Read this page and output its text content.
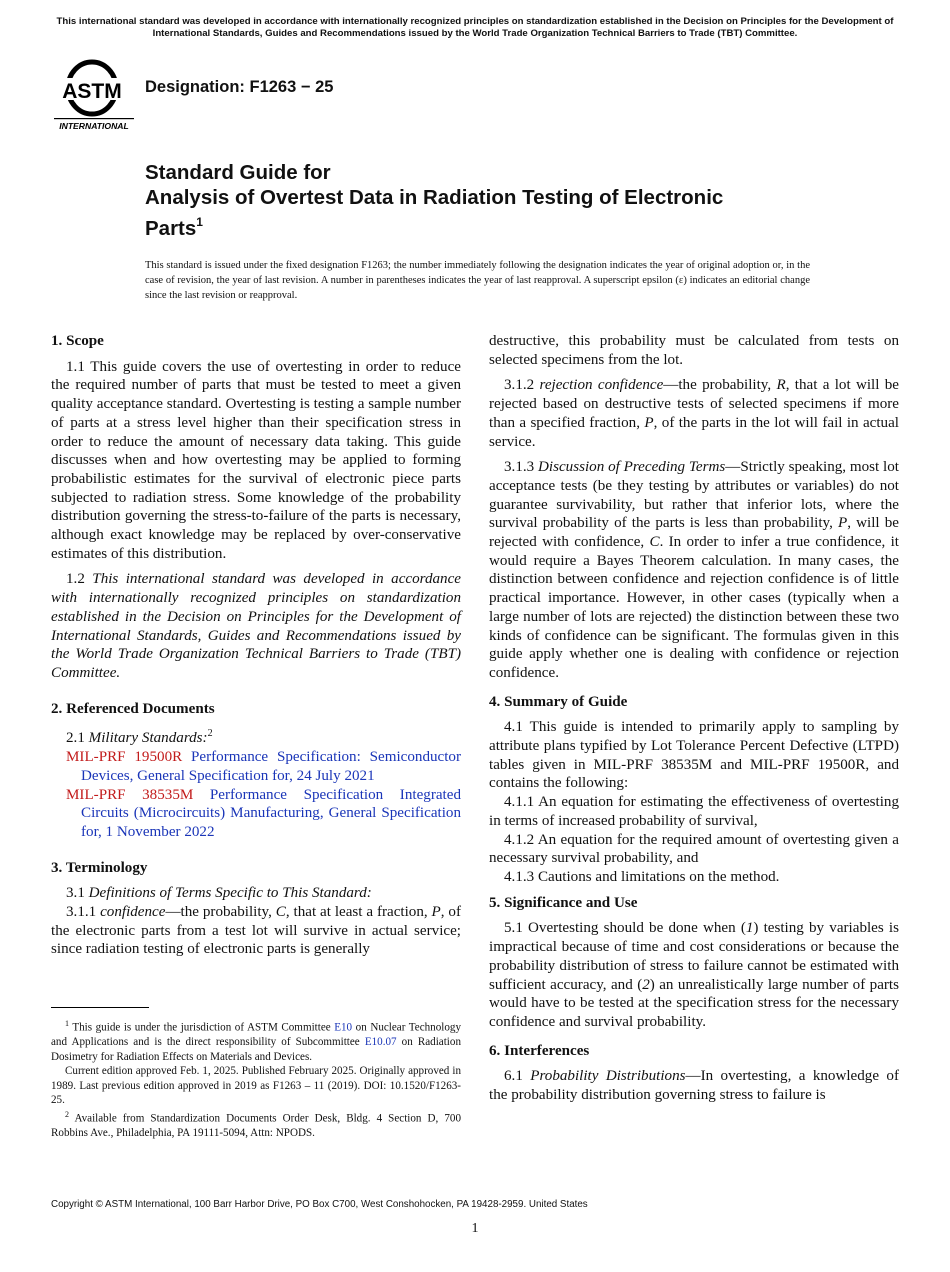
This international standard was developed in accordance with internationally recognized principles on standardization established in the Decision on Principles for the Development of International Standards, Guides and Recommendations issued by the World Trade Organization Technical Barriers to Trade (TBT) Committee.
ASTM
INTERNATIONAL
Designation: F1263 − 25
Standard Guide for
Analysis of Overtest Data in Radiation Testing of Electronic
Parts$^1$
This standard is issued under the fixed designation F1263; the number immediately following the designation indicates the year of original adoption or, in the case of revision, the year of last revision. A number in parentheses indicates the year of last reapproval. A superscript epsilon (ε) indicates an editorial change since the last revision or reapproval.
1. Scope

1.1 This guide covers the use of overtesting in order to reduce the required number of parts that must be tested to meet a given quality acceptance standard. Overtesting is testing a sample number of parts at a stress level higher than their specification stress in order to reduce the amount of necessary data taking. This guide discusses when and how overtesting may be applied to forming probabilistic estimates for the survival of electronic piece parts subjected to radiation stress. Some knowledge of the probability distribution governing the stress-to-failure of the parts is necessary, although exact knowledge may be replaced by over-conservative estimates of this distribution.

1.2 This international standard was developed in accordance with internationally recognized principles on standardization established in the Decision on Principles for the Development of International Standards, Guides and Recommendations issued by the World Trade Organization Technical Barriers to Trade (TBT) Committee.

2. Referenced Documents

2.1 Military Standards:$^2$

MIL-PRF 19500R Performance Specification: Semiconductor Devices, General Specification for, 24 July 2021

MIL-PRF 38535M Performance Specification Integrated Circuits (Microcircuits) Manufacturing, General Specification for, 1 November 2022

3. Terminology

3.1 Definitions of Terms Specific to This Standard:

3.1.1 confidence—the probability, C, that at least a fraction, P, of the electronic parts from a test lot will survive in actual service; since radiation testing of electronic parts is generally

$^1$ This guide is under the jurisdiction of ASTM Committee E10 on Nuclear Technology and Applications and is the direct responsibility of Subcommittee E10.07 on Radiation Dosimetry for Radiation Effects on Materials and Devices.

Current edition approved Feb. 1, 2025. Published February 2025. Originally approved in 1989. Last previous edition approved in 2019 as F1263 – 11 (2019). DOI: 10.1520/F1263-25.

$^2$ Available from Standardization Documents Order Desk, Bldg. 4 Section D, 700 Robbins Ave., Philadelphia, PA 19111-5094, Attn: NPODS.

destructive, this probability must be calculated from tests on selected specimens from the lot.

3.1.2 rejection confidence—the probability, R, that a lot will be rejected based on destructive tests of selected specimens if more than a specified fraction, P, of the parts in the lot will fail in actual service.

3.1.3 Discussion of Preceding Terms—Strictly speaking, most lot acceptance tests (be they testing by attributes or variables) do not guarantee survivability, but rather that inferior lots, where the survival probability of the parts is less than probability, P, will be rejected with confidence, C. In order to infer a true confidence, it would require a Bayes Theorem calculation. In many cases, the distinction between confidence and rejection confidence is of little practical importance. However, in other cases (typically when a large number of lots are rejected) the distinction between these two kinds of confidence can be significant. The formulas given in this guide apply whether one is dealing with confidence or rejection confidence.

4. Summary of Guide

4.1 This guide is intended to primarily apply to sampling by attribute plans typified by Lot Tolerance Percent Defective (LTPD) tables given in MIL-PRF 38535M and MIL-PRF 19500R, and contains the following:

4.1.1 An equation for estimating the effectiveness of overtesting in terms of increased probability of survival,

4.1.2 An equation for the required amount of overtesting given a necessary survival probability, and

4.1.3 Cautions and limitations on the method.

5. Significance and Use

5.1 Overtesting should be done when (1) testing by variables is impractical because of time and cost considerations or because the probability distribution of stress to failure cannot be estimated with sufficient accuracy, and (2) an unrealistically large number of parts would have to be tested at the specification stress for the necessary confidence and survival probability.

6. Interferences

6.1 Probability Distributions—In overtesting, a knowledge of the probability distribution governing stress to failure is

Copyright © ASTM International, 100 Barr Harbor Drive, PO Box C700, West Conshohocken, PA 19428-2959. United States
1
